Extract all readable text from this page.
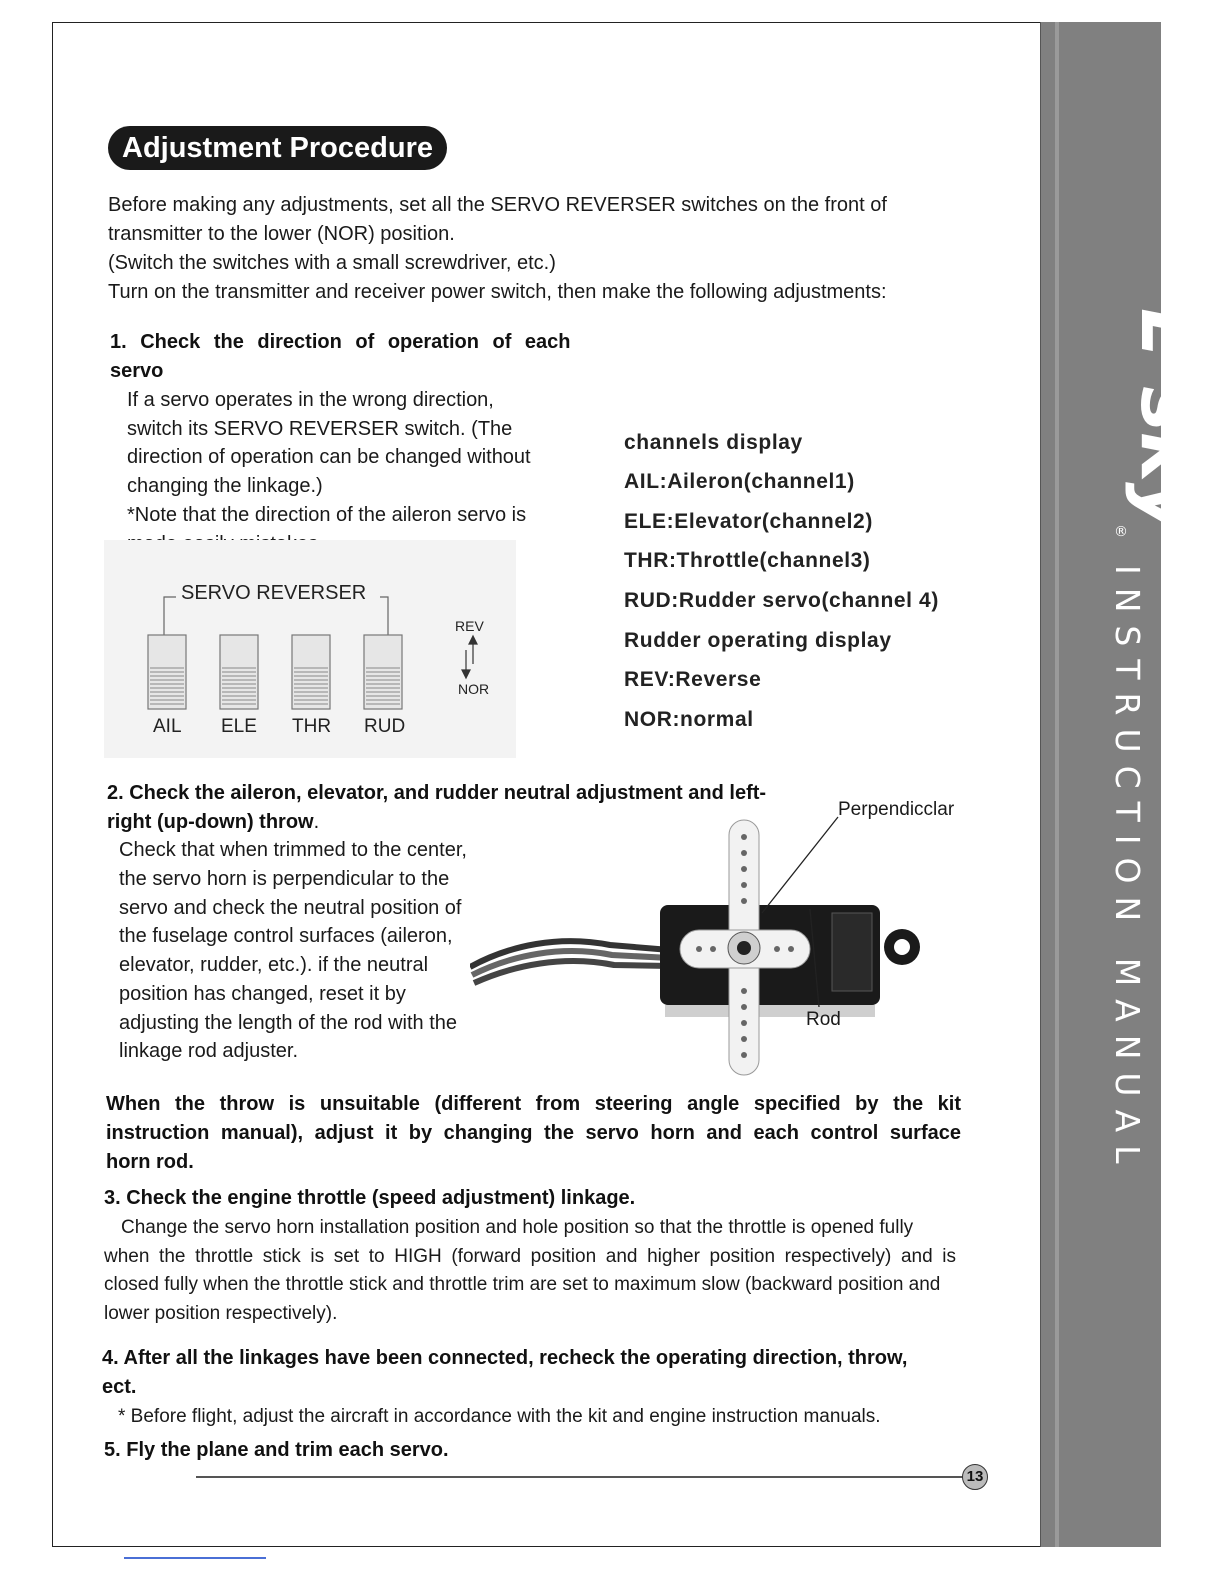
E sky
®
INSTRUCTION MANUAL
Adjustment Procedure
Before making any adjustments, set all the SERVO REVERSER switches on the front of
transmitter to the lower (NOR) position.
(Switch the switches with a small screwdriver, etc.)
Turn on the transmitter and receiver power switch, then make the following adjustments:
1. Check the direction of operation of each
servo
If a servo operates in the wrong direction,
switch its SERVO REVERSER switch. (The
direction of operation can be changed without
changing the linkage.)
*Note that the direction of the aileron servo is
SERVO REVERSER
AIL ELE THR RUD
REV
NOR
channels display
AIL:Aileron(channel1)
ELE:Elevator(channel2)
THR:Throttle(channel3)
RUD:Rudder servo(channel 4)
Rudder operating display
REV:Reverse
NOR:normal
2. Check the aileron, elevator, and rudder neutral adjustment and left-
right (up-down) throw.
Check that when trimmed to the center,
the servo horn is perpendicular to the
servo and check the neutral position of
the fuselage control surfaces (aileron,
elevator, rudder, etc.). if the neutral
position has changed, reset it by
adjusting the length of the rod with the
linkage rod adjuster.
Perpendicclar
Rod
When the throw is unsuitable (different from steering angle specified by the kit
instruction manual), adjust it by changing the servo horn and each control surface
horn rod.
3. Check the engine throttle (speed adjustment) linkage.
Change the servo horn installation position and hole position so that the throttle is opened fully
when the throttle stick is set to HIGH (forward position and higher position respectively) and is
closed fully when the throttle stick and throttle trim are set to maximum slow (backward position and
lower position respectively).
4. After all the linkages have been connected, recheck the operating direction, throw,
ect.
* Before flight, adjust the aircraft in accordance with the kit and engine instruction manuals.
5. Fly the plane and trim each servo.
13
